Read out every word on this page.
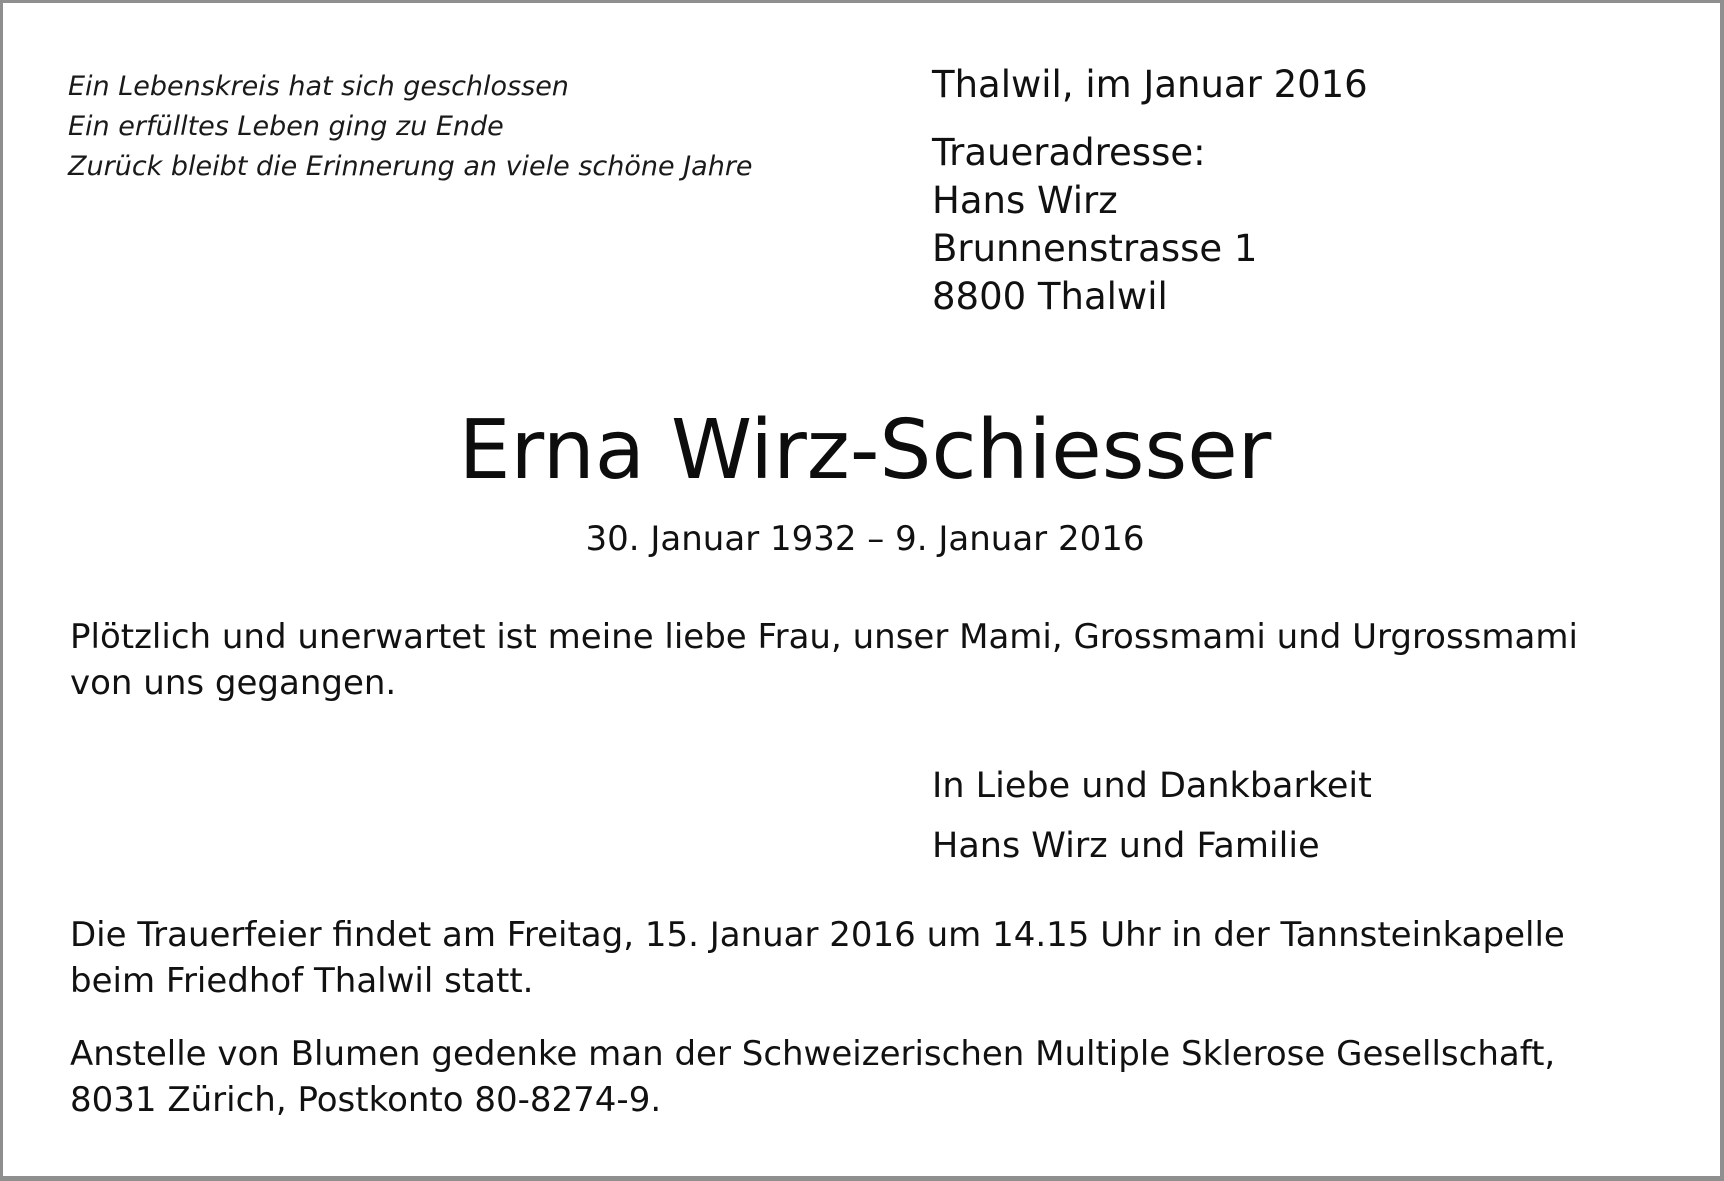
Ein Lebenskreis hat sich geschlossen
Ein erfülltes Leben ging zu Ende
Zurück bleibt die Erinnerung an viele schöne Jahre
Thalwil, im Januar 2016
Traueradresse:
Hans Wirz
Brunnenstrasse 1
8800 Thalwil
Erna Wirz-Schiesser
30. Januar 1932 – 9. Januar 2016
Plötzlich und unerwartet ist meine liebe Frau, unser Mami, Grossmami und Urgrossmami
von uns gegangen.
In Liebe und Dankbarkeit
Hans Wirz und Familie
Die Trauerfeier findet am Freitag, 15. Januar 2016 um 14.15 Uhr in der Tannsteinkapelle
beim Friedhof Thalwil statt.
Anstelle von Blumen gedenke man der Schweizerischen Multiple Sklerose Gesellschaft,
8031 Zürich, Postkonto 80-8274-9.
